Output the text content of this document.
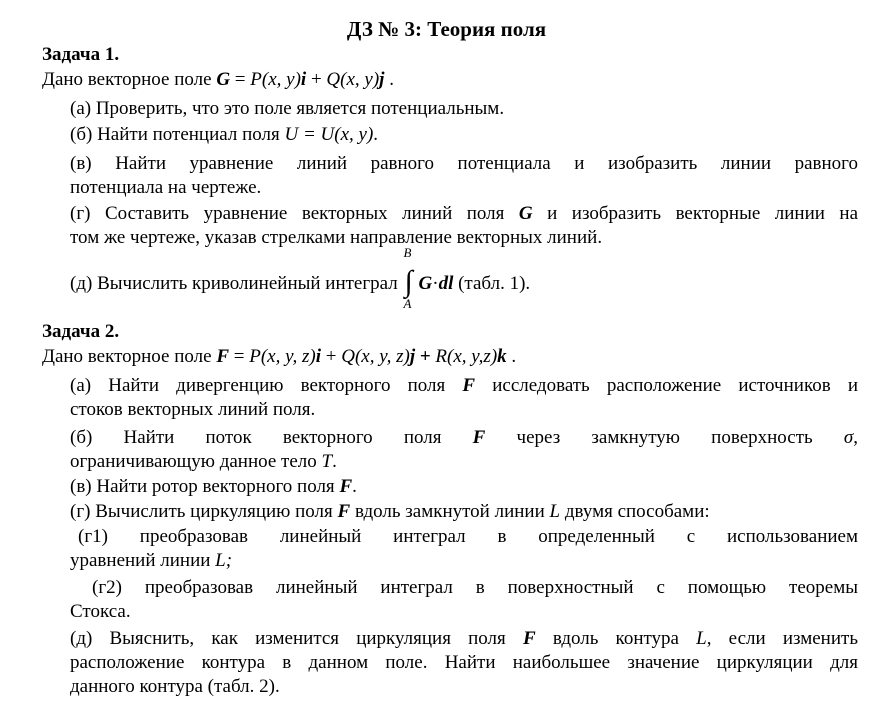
ДЗ № 3: Теория поля
Задача 1.
Дано векторное поле G = P(x, y)i + Q(x, y)j .
(а) Проверить, что это поле является потенциальным.
(б) Найти потенциал поля U = U(x, y).
(в) Найти уравнение линий равного потенциала и изобразить линии равного
потенциала на чертеже.
(г) Составить уравнение векторных линий поля G и изобразить векторные линии на
том же чертеже, указав стрелками направление векторных линий.
(д) Вычислить криволинейный интеграл ∫
B
A
G·dl (табл. 1).
Задача 2.
Дано векторное поле F = P(x, y, z)i + Q(x, y, z)j + R(x, y,z)k .
(а) Найти дивергенцию векторного поля F исследовать расположение источников и
стоков векторных линий поля.
(б) Найти поток векторного поля F через замкнутую поверхность σ,
ограничивающую данное тело T.
(в) Найти ротор векторного поля F.
(г) Вычислить циркуляцию поля F вдоль замкнутой линии L двумя способами:
(г1) преобразовав линейный интеграл в определенный с использованием
уравнений линии L;
(г2) преобразовав линейный интеграл в поверхностный с помощью теоремы
Стокса.
(д) Выяснить, как изменится циркуляция поля F вдоль контура L, если изменить
расположение контура в данном поле. Найти наибольшее значение циркуляции для
данного контура (табл. 2).
